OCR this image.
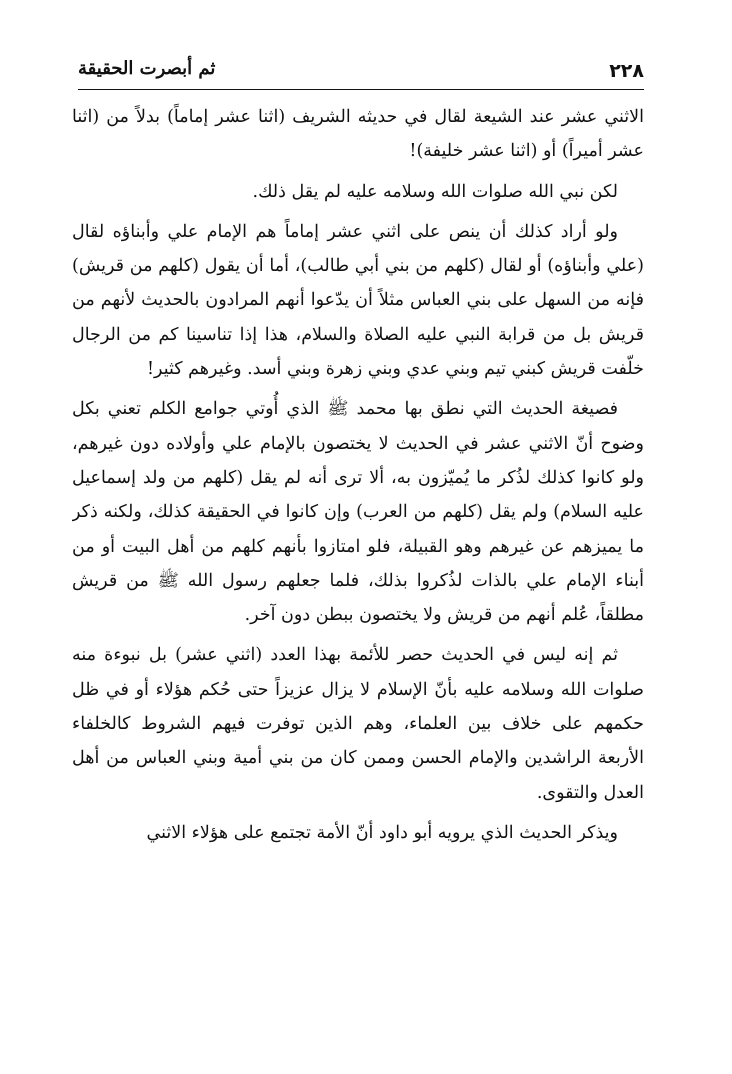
٢٢٨
ثم أبصرت الحقيقة

الاثني عشر عند الشيعة لقال في حديثه الشريف (اثنا عشر إماماً) بدلاً من (اثنا عشر أميراً) أو (اثنا عشر خليفة)!

لكن نبي الله صلوات الله وسلامه عليه لم يقل ذلك.

ولو أراد كذلك أن ينص على اثني عشر إماماً هم الإمام علي وأبناؤه لقال (علي وأبناؤه) أو لقال (كلهم من بني أبي طالب)، أما أن يقول (كلهم من قريش) فإنه من السهل على بني العباس مثلاً أن يدّعوا أنهم المرادون بالحديث لأنهم من قريش بل من قرابة النبي عليه الصلاة والسلام، هذا إذا تناسينا كم من الرجال خلّفت قريش كبني تيم وبني عدي وبني زهرة وبني أسد. وغيرهم كثير!

فصيغة الحديث التي نطق بها محمد ﷺ الذي أُوتي جوامع الكلم تعني بكل وضوح أنّ الاثني عشر في الحديث لا يختصون بالإمام علي وأولاده دون غيرهم، ولو كانوا كذلك لذُكر ما يُميّزون به، ألا ترى أنه لم يقل (كلهم من ولد إسماعيل عليه السلام) ولم يقل (كلهم من العرب) وإن كانوا في الحقيقة كذلك، ولكنه ذكر ما يميزهم عن غيرهم وهو القبيلة، فلو امتازوا بأنهم كلهم من أهل البيت أو من أبناء الإمام علي بالذات لذُكروا بذلك، فلما جعلهم رسول الله ﷺ من قريش مطلقاً، عُلم أنهم من قريش ولا يختصون ببطن دون آخر.

ثم إنه ليس في الحديث حصر للأئمة بهذا العدد (اثني عشر) بل نبوءة منه صلوات الله وسلامه عليه بأنّ الإسلام لا يزال عزيزاً حتى حُكم هؤلاء أو في ظل حكمهم على خلاف بين العلماء، وهم الذين توفرت فيهم الشروط كالخلفاء الأربعة الراشدين والإمام الحسن وممن كان من بني أمية وبني العباس من أهل العدل والتقوى.

ويذكر الحديث الذي يرويه أبو داود أنّ الأمة تجتمع على هؤلاء الاثني
